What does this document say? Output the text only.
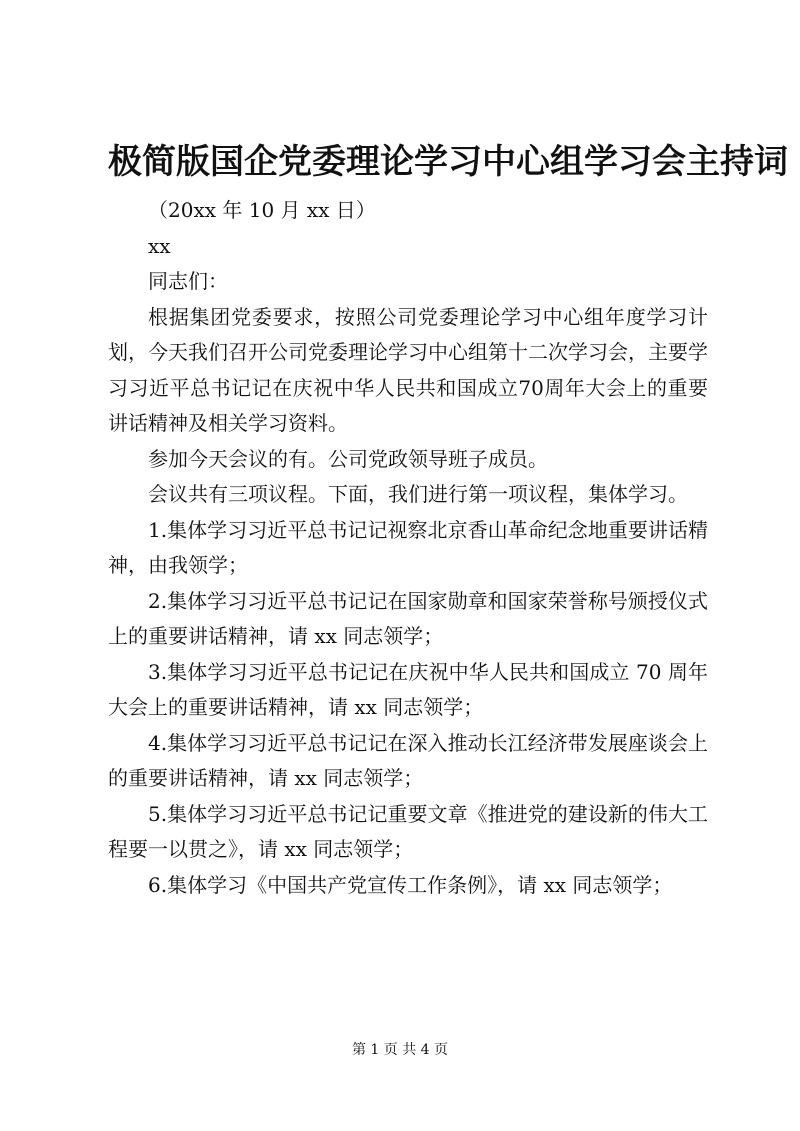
极简版国企党委理论学习中心组学习会主持词

（20xx 年 10 月 xx 日）

xx

同志们：

根据集团党委要求，按照公司党委理论学习中心组年度学习计划，今天我们召开公司党委理论学习中心组第十二次学习会，主要学习习近平总书记记在庆祝中华人民共和国成立70周年大会上的重要讲话精神及相关学习资料。

参加今天会议的有。公司党政领导班子成员。

会议共有三项议程。下面，我们进行第一项议程，集体学习。

1.集体学习习近平总书记记视察北京香山革命纪念地重要讲话精神，由我领学；

2.集体学习习近平总书记记在国家勋章和国家荣誉称号颁授仪式上的重要讲话精神，请 xx 同志领学；

3.集体学习习近平总书记记在庆祝中华人民共和国成立 70 周年大会上的重要讲话精神，请 xx 同志领学；

4.集体学习习近平总书记记在深入推动长江经济带发展座谈会上的重要讲话精神，请 xx 同志领学；

5.集体学习习近平总书记记重要文章《推进党的建设新的伟大工程要一以贯之》，请 xx 同志领学；

6.集体学习《中国共产党宣传工作条例》，请 xx 同志领学；

第 1 页 共 4 页
